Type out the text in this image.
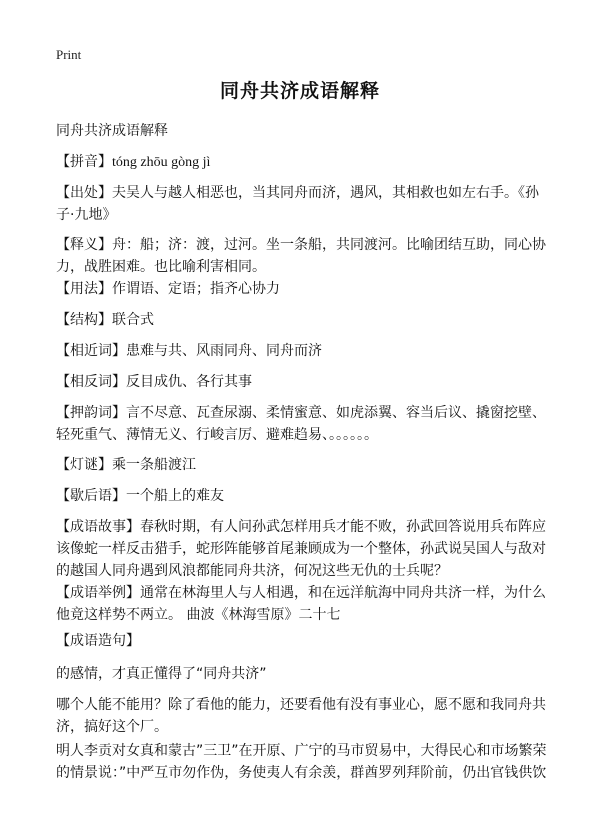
Print
同舟共济成语解释
同舟共济成语解释
【拼音】tóng zhōu gòng jì
【出处】夫吴人与越人相恶也，当其同舟而济，遇风，其相救也如左右手。《孙子·九地》
【释义】舟：船；济：渡，过河。坐一条船，共同渡河。比喻团结互助，同心协力，战胜困难。也比喻利害相同。
【用法】作谓语、定语；指齐心协力
【结构】联合式
【相近词】患难与共、风雨同舟、同舟而济
【相反词】反目成仇、各行其事
【押韵词】言不尽意、瓦查尿溺、柔情蜜意、如虎添翼、容当后议、撬窗挖壁、轻死重气、薄情无义、行峻言厉、避难趋易、。。。。。。
【灯谜】乘一条船渡江
【歇后语】一个船上的难友
【成语故事】春秋时期，有人问孙武怎样用兵才能不败，孙武回答说用兵布阵应该像蛇一样反击猎手，蛇形阵能够首尾兼顾成为一个整体，孙武说吴国人与敌对的越国人同舟遇到风浪都能同舟共济，何况这些无仇的士兵呢？
【成语举例】通常在林海里人与人相遇，和在远洋航海中同舟共济一样，为什么他竟这样势不两立。 曲波《林海雪原》二十七
【成语造句】
的感情，才真正懂得了“同舟共济”
哪个人能不能用？除了看他的能力，还要看他有没有事业心，愿不愿和我同舟共济，搞好这个厂。
明人李贡对女真和蒙古”三卫”在开原、广宁的马市贸易中，大得民心和市场繁荣的情景说：”中严互市勿作伪，务使夷人有余羡，群酋罗列拜阶前，仍出官钱供饮
